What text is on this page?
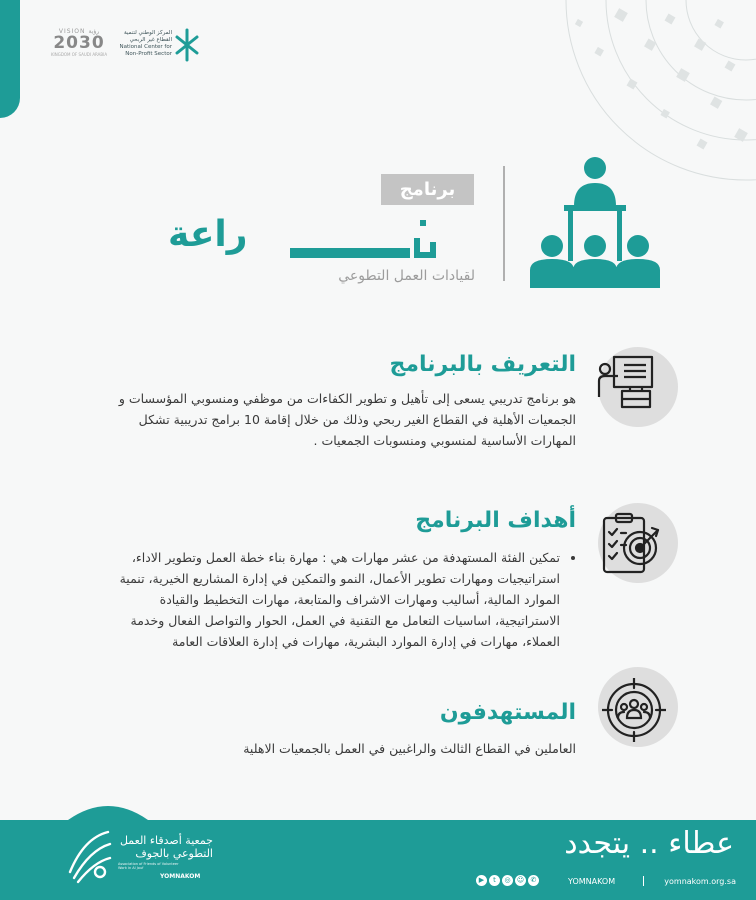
VISION رؤية
2030
KINGDOM OF SAUDI ARABIA
المركز الوطني لتنمية
القطاع غير الربحي
National Center for
Non-Profit Sector
برنامج
راعة
لقيادات العمل التطوعي
التعريف بالبرنامج
هو برنامج تدريبي يسعى إلى تأهيل و تطوير الكفاءات من موظفي ومنسوبي المؤسسات و الجمعيات الأهلية في القطاع الغير ربحي وذلك من خلال إقامة 10 برامج تدريبية تشكل المهارات الأساسية لمنسوبي ومنسوبات الجمعيات .
أهداف البرنامج
• تمكين الفئة المستهدفة من عشر مهارات هي : مهارة بناء خطة العمل وتطوير الاداء، استراتيجيات ومهارات تطوير الأعمال، النمو والتمكين في إدارة المشاريع الخيرية، تنمية الموارد المالية، أساليب ومهارات الاشراف والمتابعة، مهارات التخطيط والقيادة الاستراتيجية، اساسيات التعامل مع التقنية في العمل، الحوار والتواصل الفعال وخدمة العملاء، مهارات في إدارة الموارد البشرية، مهارات في إدارة العلاقات العامة
المستهدفون
العاملين في القطاع الثالث والراغبين في العمل بالجمعيات الاهلية
جمعية أصدقاء العمل
التطوعي بالجوف
Association of Friends of Volunteer Work in Al Jouf
YOMNAKOM
عطاء .. يتجدد
▶	t	◎ ☺ ✆	YOMNAKOM	yomnakom.org.sa
